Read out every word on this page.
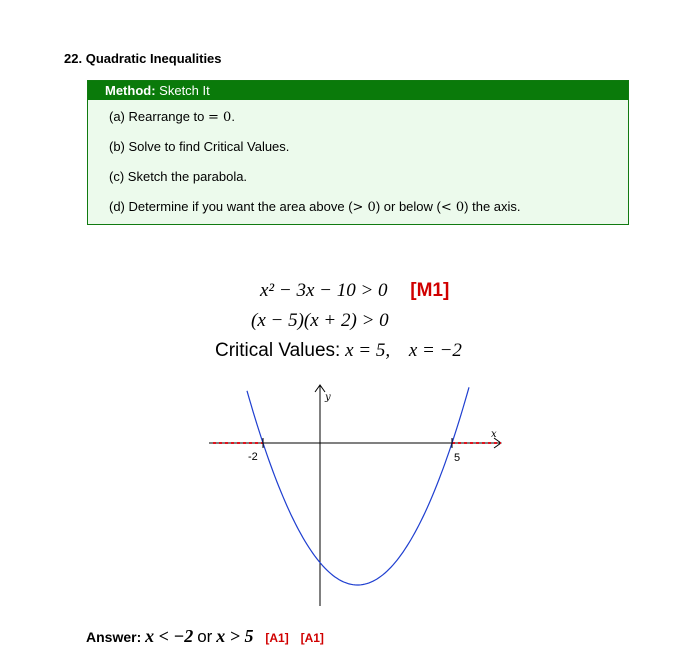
22. Quadratic Inequalities
Method: Sketch It
(a) Rearrange to = 0.
(b) Solve to find Critical Values.
(c) Sketch the parabola.
(d) Determine if you want the area above (> 0) or below (< 0) the axis.
x² − 3x − 10 > 0 [M1]
(x − 5)(x + 2) > 0
Critical Values: x = 5, x = −2
-2	5
y
x
Answer: x < −2 or x > 5 [A1] [A1]
